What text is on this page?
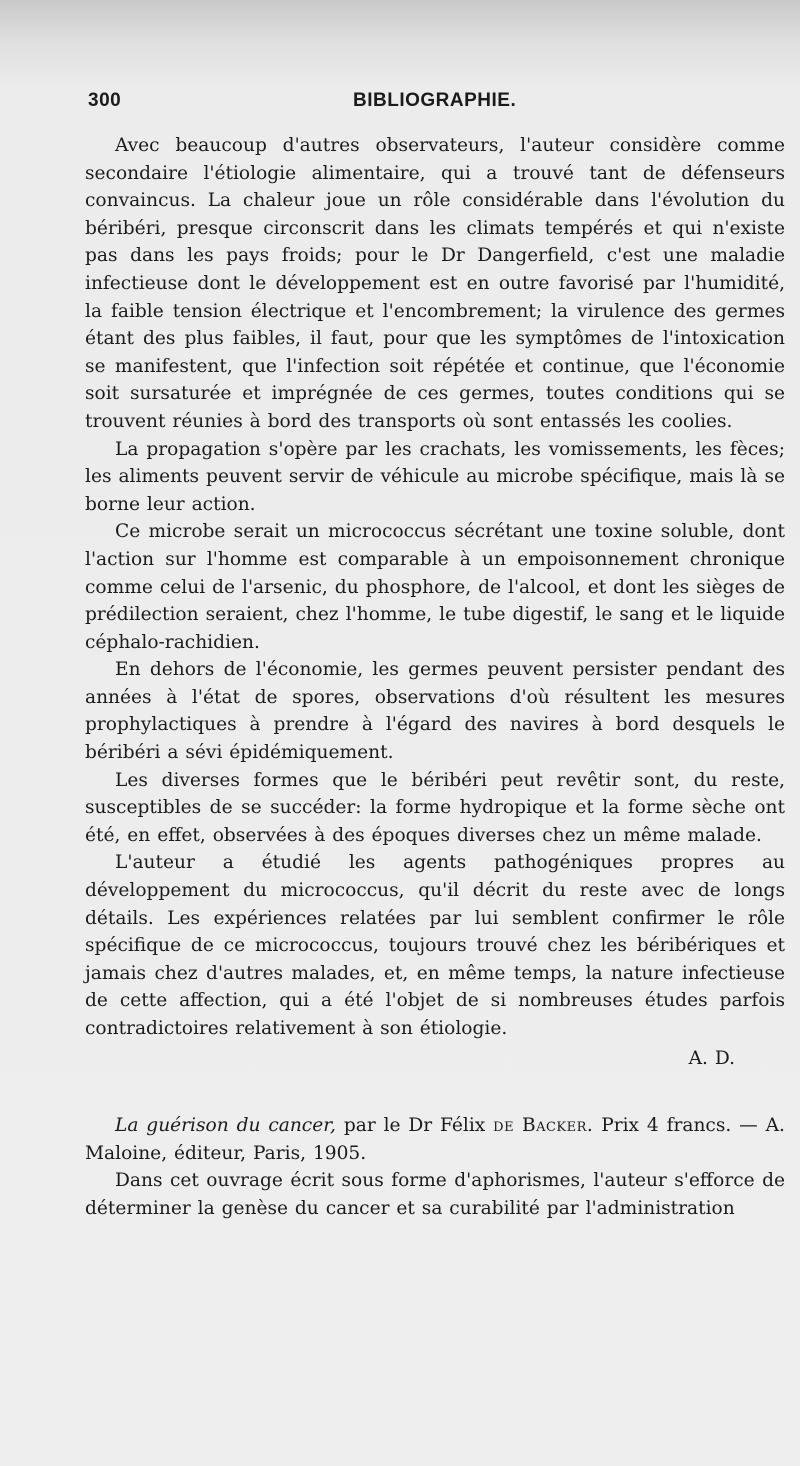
300	BIBLIOGRAPHIE.

Avec beaucoup d'autres observateurs, l'auteur considère comme secondaire l'étiologie alimentaire, qui a trouvé tant de défenseurs convaincus. La chaleur joue un rôle considérable dans l'évolution du béribéri, presque circonscrit dans les climats tempérés et qui n'existe pas dans les pays froids; pour le Dr Dangerfield, c'est une maladie infectieuse dont le développement est en outre favorisé par l'humidité, la faible tension électrique et l'encombrement; la virulence des germes étant des plus faibles, il faut, pour que les symptômes de l'intoxication se manifestent, que l'infection soit répétée et continue, que l'économie soit sursaturée et imprégnée de ces germes, toutes conditions qui se trouvent réunies à bord des transports où sont entassés les coolies.

La propagation s'opère par les crachats, les vomissements, les fèces; les aliments peuvent servir de véhicule au microbe spécifique, mais là se borne leur action.

Ce microbe serait un micrococcus sécrétant une toxine soluble, dont l'action sur l'homme est comparable à un empoisonnement chronique comme celui de l'arsenic, du phosphore, de l'alcool, et dont les sièges de prédilection seraient, chez l'homme, le tube digestif, le sang et le liquide céphalo-rachidien.

En dehors de l'économie, les germes peuvent persister pendant des années à l'état de spores, observations d'où résultent les mesures prophylactiques à prendre à l'égard des navires à bord desquels le béribéri a sévi épidémiquement.

Les diverses formes que le béribéri peut revêtir sont, du reste, susceptibles de se succéder: la forme hydropique et la forme sèche ont été, en effet, observées à des époques diverses chez un même malade.

L'auteur a étudié les agents pathogéniques propres au développement du micrococcus, qu'il décrit du reste avec de longs détails. Les expériences relatées par lui semblent confirmer le rôle spécifique de ce micrococcus, toujours trouvé chez les béribériques et jamais chez d'autres malades, et, en même temps, la nature infectieuse de cette affection, qui a été l'objet de si nombreuses études parfois contradictoires relativement à son étiologie.

A. D.

La guérison du cancer, par le Dr Félix de Backer. Prix 4 francs. — A. Maloine, éditeur, Paris, 1905.

Dans cet ouvrage écrit sous forme d'aphorismes, l'auteur s'efforce de déterminer la genèse du cancer et sa curabilité par l'administration
